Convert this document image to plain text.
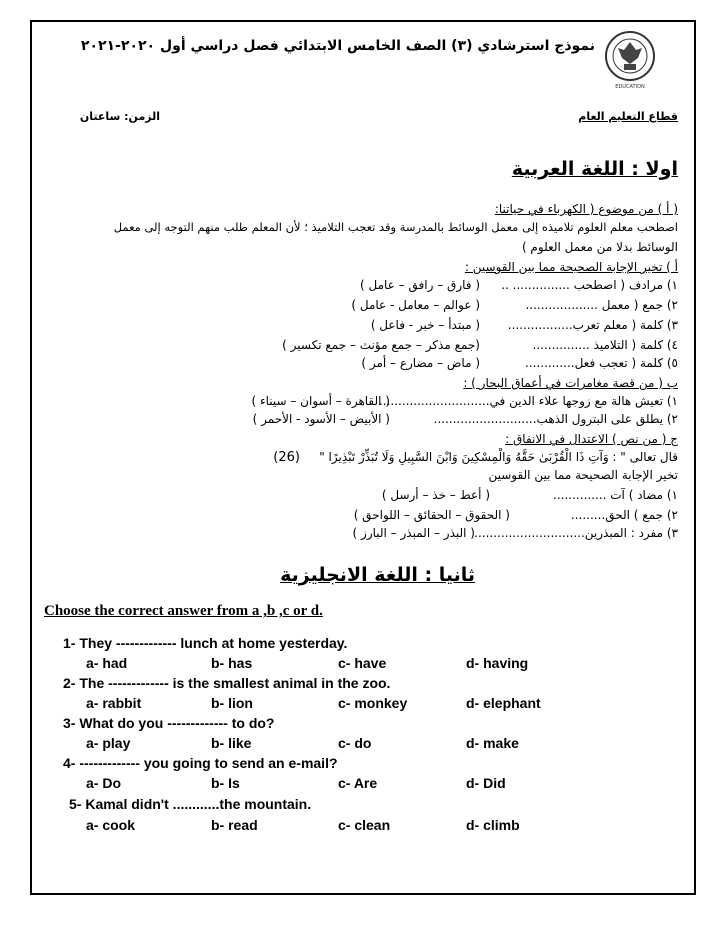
EDUCATION
نموذج استرشادي (٣) الصف الخامس الابتدائي فصل دراسي أول ٢٠٢٠-٢٠٢١
قطاع التعليم العام
الزمن: ساعتان
اولا : اللغة العربية
( أ ) من موضوع ( الكهرباء في حياتنا:
اصطحب معلم العلوم تلاميذه إلى معمل الوسائط بالمدرسة وقد تعجب التلاميذ ؛ لأن المعلم طلب منهم التوجه إلى معمل
الوسائط بدلا من معمل العلوم )
أ ) تخير الإجابة الصحيحة مما بين القوسين :
١) مرادف ( اصطحب ............... ..
( فارق – رافق – عامل )
٢) جمع ( معمل ...................
( عوالم – معامل - عامل )
٣) كلمة ( معلم تعرب.................
( مبتدأ – خبر - فاعل )
٤) كلمة ( التلاميذ ...............
(جمع مذكر – جمع مؤنث – جمع تكسير )
٥) كلمة ( تعجب فعل.............
( ماض – مضارع – أمر )
ب ( من قصة مغامرات في أعماق البحار ) :
١) تعيش هالة مع زوجها علاء الدين في.............................
( القاهرة – أسوان – سيناء )
٢) يطلق على البترول الذهب...........................
( الأبيض – الأسود - الأحمر )
ج ( من نص ) الاعتدال في الانفاق :
قال تعالى " : وَآتِ ذَا الْقُرْبَىٰ حَقَّهُ وَالْمِسْكِينَ وَابْنَ السَّبِيلِ وَلَا تُبَذِّرْ تَبْذِيرًا "
(26)
تخير الإجابة الصحيحة مما بين القوسين
١) مضاد ) آت ..............
( أعط – خذ – أرسل )
٢) جمع ) الحق.........
( الحقوق – الحقائق – اللواحق )
٣) مفرد : المبذرين.............................
( البذر – المبذر – البارز )
ثانيا : اللغة الانجليزية
Choose the correct answer from a ,b ,c or d.
1- They ------------- lunch at home yesterday.
a- had	b- has	c- have	d- having
2- The ------------- is the smallest animal in the zoo.
a- rabbit	b- lion	c- monkey	d- elephant
3- What do you ------------- to do?
a- play	b- like	c- do	d- make
4- ------------- you going to send an e-mail?
a- Do	b- Is	c- Are	d- Did
5- Kamal didn't ............the mountain.
a- cook	b- read	c- clean	d- climb
